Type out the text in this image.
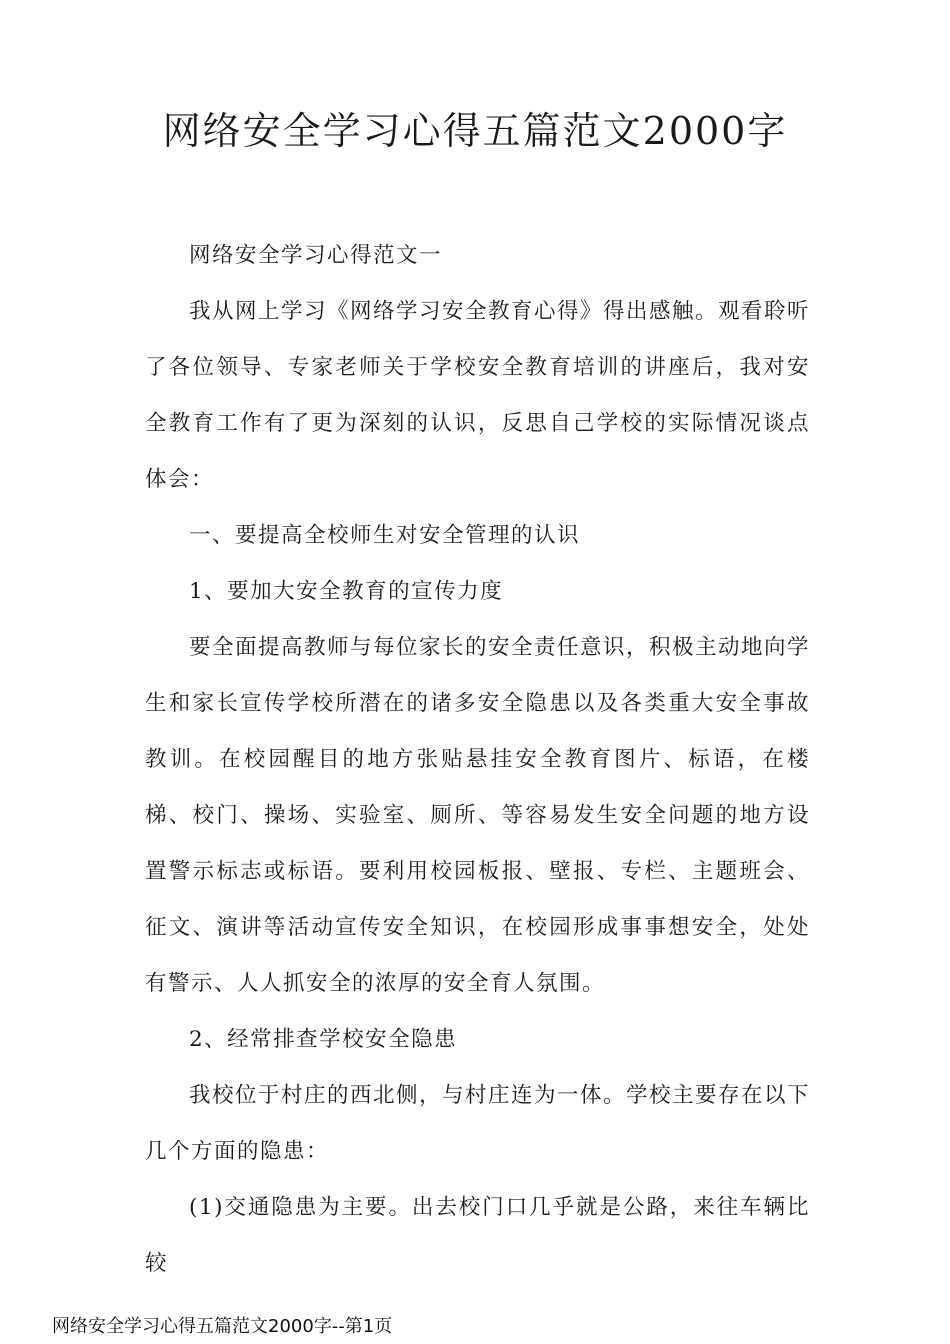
网络安全学习心得五篇范文2000字

网络安全学习心得范文一

我从网上学习《网络学习安全教育心得》得出感触。观看聆听了各位领导、专家老师关于学校安全教育培训的讲座后，我对安全教育工作有了更为深刻的认识，反思自己学校的实际情况谈点体会：

一、要提高全校师生对安全管理的认识

1、要加大安全教育的宣传力度

要全面提高教师与每位家长的安全责任意识，积极主动地向学生和家长宣传学校所潜在的诸多安全隐患以及各类重大安全事故教训。在校园醒目的地方张贴悬挂安全教育图片、标语，在楼梯、校门、操场、实验室、厕所、等容易发生安全问题的地方设置警示标志或标语。要利用校园板报、壁报、专栏、主题班会、征文、演讲等活动宣传安全知识，在校园形成事事想安全，处处有警示、人人抓安全的浓厚的安全育人氛围。

2、经常排查学校安全隐患

我校位于村庄的西北侧，与村庄连为一体。学校主要存在以下几个方面的隐患：

(1)交通隐患为主要。出去校门口几乎就是公路，来往车辆比较

网络安全学习心得五篇范文2000字--第1页
